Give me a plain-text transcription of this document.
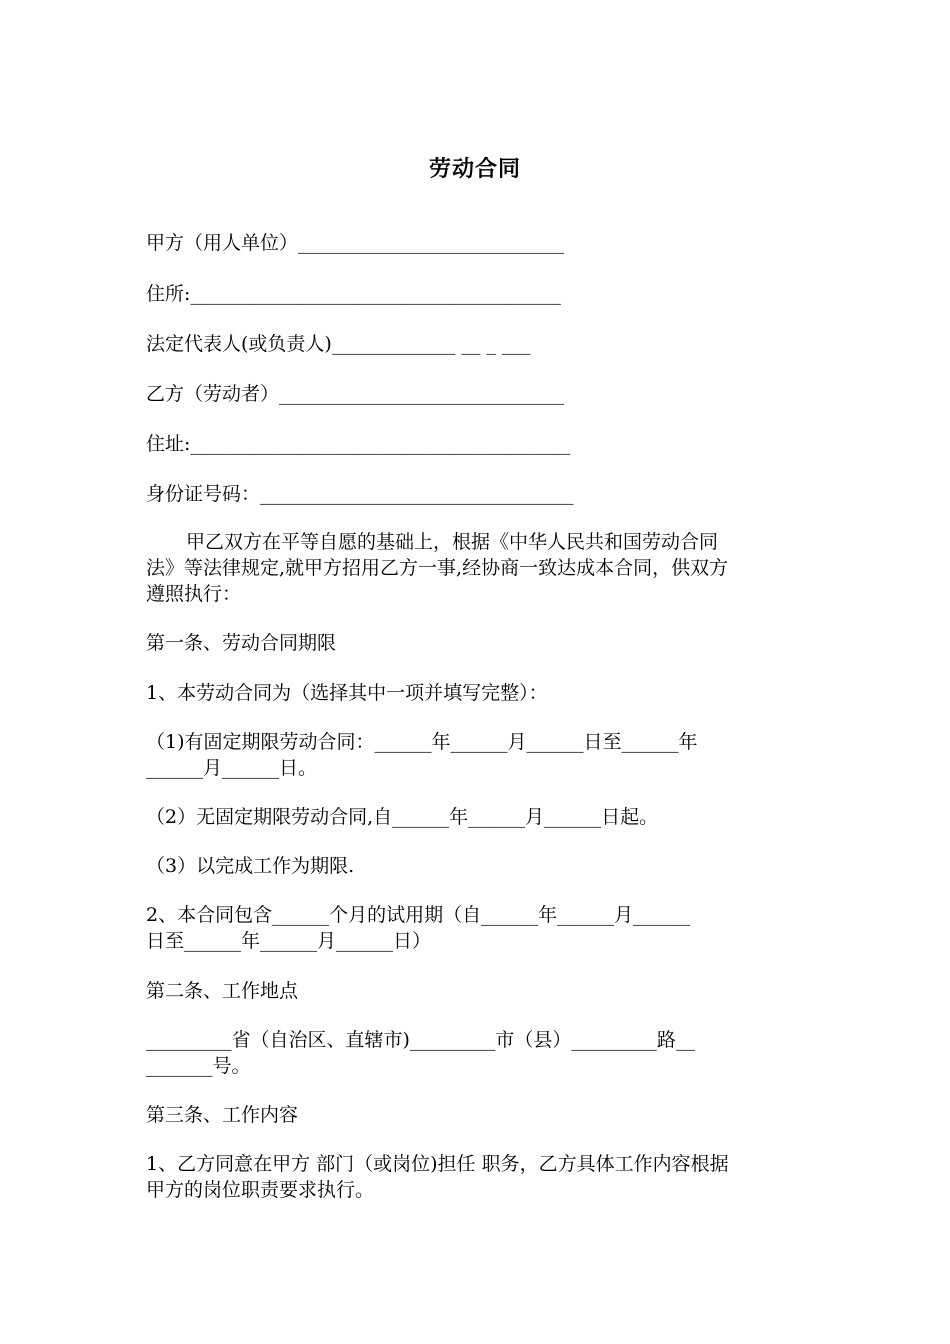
劳动合同
甲方（用人单位）____________________________
住所:_______________________________________
法定代表人(或负责人)_____________ __ _ ___
乙方（劳动者）______________________________
住址:________________________________________
身份证号码：_________________________________
甲乙双方在平等自愿的基础上，根据《中华人民共和国劳动合同
法》等法律规定,就甲方招用乙方一事,经协商一致达成本合同，供双方
遵照执行：
第一条、劳动合同期限
1、本劳动合同为（选择其中一项并填写完整）：
（1)有固定期限劳动合同：______年______月______日至______年
______月______日。
（2）无固定期限劳动合同,自______年______月______日起。
（3）以完成工作为期限.
2、本合同包含______个月的试用期（自______年______月______
日至______年______月______日）
第二条、工作地点
_________省（自治区、直辖市)_________市（县）_________路__
_______号。
第三条、工作内容
1、乙方同意在甲方 部门（或岗位)担任 职务，乙方具体工作内容根据
甲方的岗位职责要求执行。
